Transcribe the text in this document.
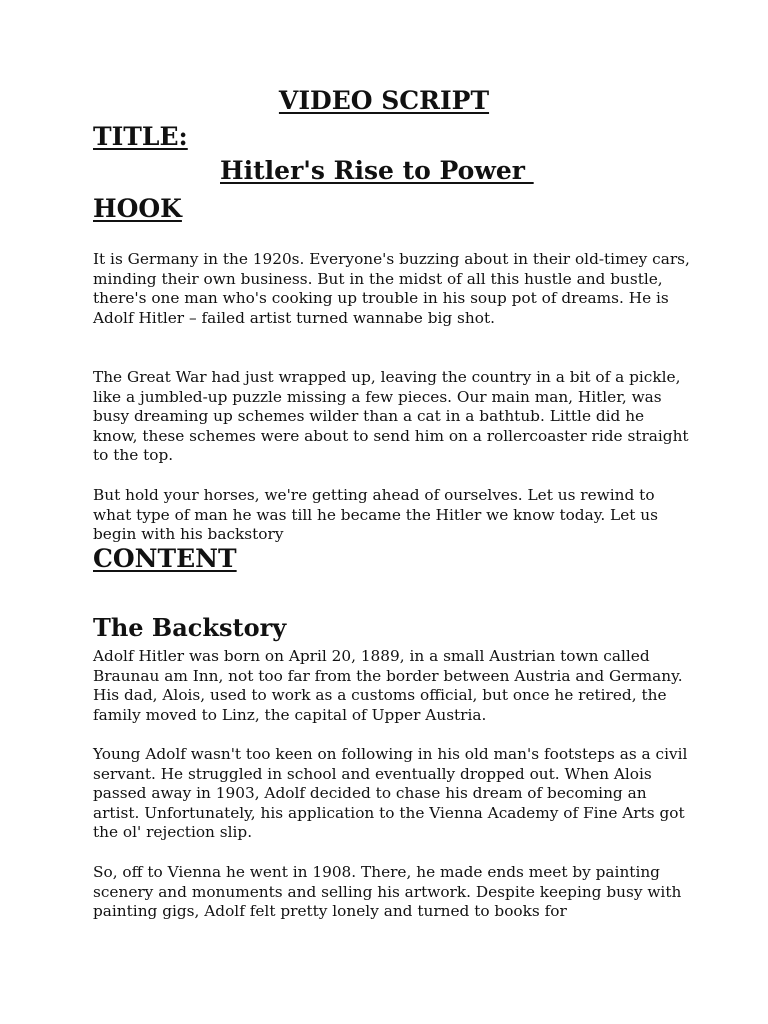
VIDEO SCRIPT
TITLE:
Hitler's Rise to Power
HOOK

It is Germany in the 1920s. Everyone's buzzing about in their old-timey cars, minding their own business. But in the midst of all this hustle and bustle, there's one man who's cooking up trouble in his soup pot of dreams. He is Adolf Hitler – failed artist turned wannabe big shot.

The Great War had just wrapped up, leaving the country in a bit of a pickle, like a jumbled-up puzzle missing a few pieces. Our main man, Hitler, was busy dreaming up schemes wilder than a cat in a bathtub. Little did he know, these schemes were about to send him on a rollercoaster ride straight to the top.

But hold your horses, we're getting ahead of ourselves. Let us rewind to what type of man he was till he became the Hitler we know today. Let us begin with his backstory

CONTENT
The Backstory

Adolf Hitler was born on April 20, 1889, in a small Austrian town called Braunau am Inn, not too far from the border between Austria and Germany. His dad, Alois, used to work as a customs official, but once he retired, the family moved to Linz, the capital of Upper Austria.

Young Adolf wasn't too keen on following in his old man's footsteps as a civil servant. He struggled in school and eventually dropped out. When Alois passed away in 1903, Adolf decided to chase his dream of becoming an artist. Unfortunately, his application to the Vienna Academy of Fine Arts got the ol' rejection slip.

So, off to Vienna he went in 1908. There, he made ends meet by painting scenery and monuments and selling his artwork. Despite keeping busy with painting gigs, Adolf felt pretty lonely and turned to books for
